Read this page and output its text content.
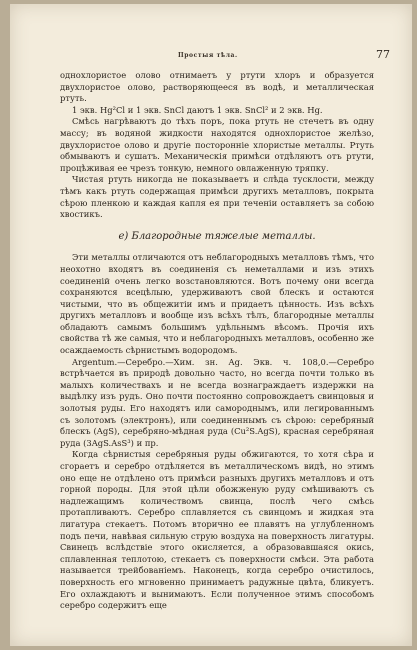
Простыя тѣла.	77

однохлористое олово отнимаетъ у ртути хлоръ и образуется двухлористое олово, растворяющееся въ водѣ, и металлическая ртуть.

1 экв. Hg²Cl и 1 экв. SnCl даютъ 1 экв. SnCl² и 2 экв. Hg.

Смѣсь нагрѣваютъ до тѣхъ поръ, пока ртуть не стечетъ въ одну массу; въ водяной жидкости находятся однохлористое желѣзо, двухлористое олово и другіе посторонніе хлористые металлы. Ртуть обмываютъ и сушатъ. Механическія примѣси отдѣляютъ отъ ртути, процѣживая ее чрезъ тонкую, немного овлаженную тряпку.

Чистая ртуть никогда не показываетъ и слѣда тусклости, между тѣмъ какъ ртуть содержащая примѣси другихъ металловъ, покрыта сѣрою пленкою и каждая капля ея при теченіи оставляетъ за собою хвостикъ.

е) Благородные тяжелые металлы.

Эти металлы отличаются отъ неблагородныхъ металловъ тѣмъ, что неохотно входятъ въ соединенія съ неметаллами и изъ этихъ соединеній очень легко возстановляются. Вотъ почему они всегда сохраняются всецѣлыю, удерживаютъ свой блескъ и остаются чистыми, что въ общежитіи имъ и придаетъ цѣнность. Изъ всѣхъ другихъ металловъ и вообще изъ всѣхъ тѣлъ, благородные металлы обладаютъ самымъ большимъ удѣльнымъ вѣсомъ. Прочія ихъ свойства тѣ же самыя, что и неблагородныхъ металловъ, особенно же осаждаемость сѣрнистымъ водородомъ.

Argentum.—Серебро.—Хим. зн. Ag. Экв. ч. 108,0.—Серебро встрѣчается въ природѣ довольно часто, но всегда почти только въ малыхъ количествахъ и не всегда вознаграждаетъ издержки на выдѣлку изъ рудъ. Оно почти постоянно сопровождаетъ свинцовыя и золотыя руды. Его находятъ или самороднымъ, или легированнымъ съ золотомъ (электронъ), или соединеннымъ съ сѣрою: серебряный блескъ (AgS), серебряно-мѣдная руда (Cu²S.AgS), красная серебряная руда (3AgS.AsS³) и пр.

Когда сѣрнистыя серебряныя руды обжигаются, то хотя сѣра и сгораетъ и серебро отдѣляется въ металлическомъ видѣ, но этимъ оно еще не отдѣлено отъ примѣси разныхъ другихъ металловъ и отъ горной породы. Для этой цѣли обожженую руду смѣшиваютъ съ надлежащимъ количествомъ свинца, послѣ чего смѣсь протапливаютъ. Серебро сплавляется съ свинцомъ и жидкая эта лигатура стекаетъ. Потомъ вторично ее плавятъ на углубленномъ подъ печи, навѣвая сильную струю воздуха на поверхность лигатуры. Свинецъ вслѣдствіе этого окисляется, а образовавшаяся окись, сплавленная теплотою, стекаетъ съ поверхности смѣси. Эта работа называется трейбованіемъ. Наконецъ, когда серебро очистилось, поверхность его мгновенно принимаетъ радужные цвѣта, бликуетъ. Его охлаждаютъ и вынимаютъ. Если полученное этимъ способомъ серебро содержитъ еще
